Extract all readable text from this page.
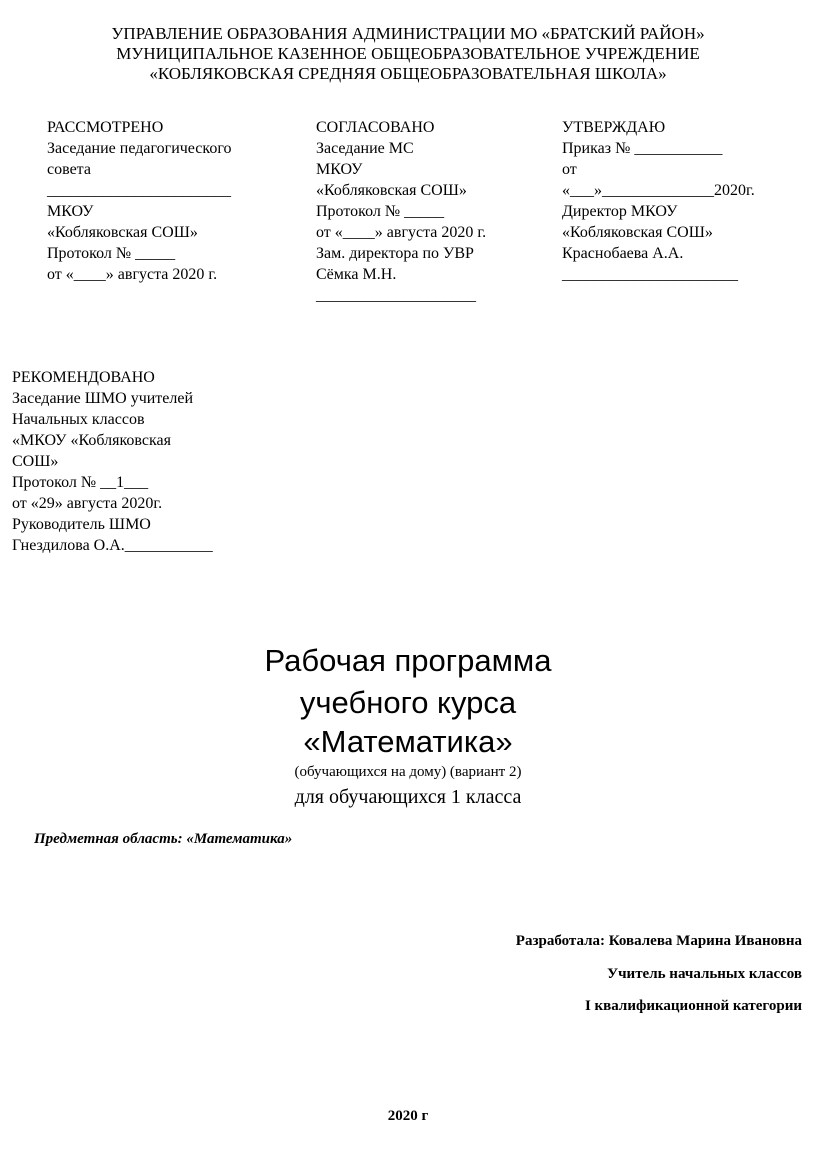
УПРАВЛЕНИЕ ОБРАЗОВАНИЯ АДМИНИСТРАЦИИ МО «БРАТСКИЙ РАЙОН»
МУНИЦИПАЛЬНОЕ КАЗЕННОЕ ОБЩЕОБРАЗОВАТЕЛЬНОЕ УЧРЕЖДЕНИЕ
«КОБЛЯКОВСКАЯ СРЕДНЯЯ ОБЩЕОБРАЗОВАТЕЛЬНАЯ ШКОЛА»
РАССМОТРЕНО
Заседание педагогического
совета
_______________________
МКОУ
«Кобляковская СОШ»
Протокол № _____
от «____» августа 2020 г.
СОГЛАСОВАНО
Заседание МС
МКОУ
«Кобляковская СОШ»
Протокол № _____
от «____» августа 2020 г.
Зам. директора по УВР
Сёмка М.Н.
____________________
УТВЕРЖДАЮ
Приказ № ___________
от
«___»______________2020г.
Директор МКОУ
«Кобляковская СОШ»
Краснобаева А.А.
______________________
РЕКОМЕНДОВАНО
Заседание ШМО учителей
Начальных классов
«МКОУ «Кобляковская
СОШ»
Протокол № __1___
от «29» августа 2020г.
Руководитель ШМО
Гнездилова О.А.___________
Рабочая программа
учебного курса
«Математика»
(обучающихся на дому) (вариант 2)
для обучающихся 1 класса
Предметная область: «Математика»
Разработала: Ковалева Марина Ивановна
Учитель начальных классов
I квалификационной категории
2020 г
